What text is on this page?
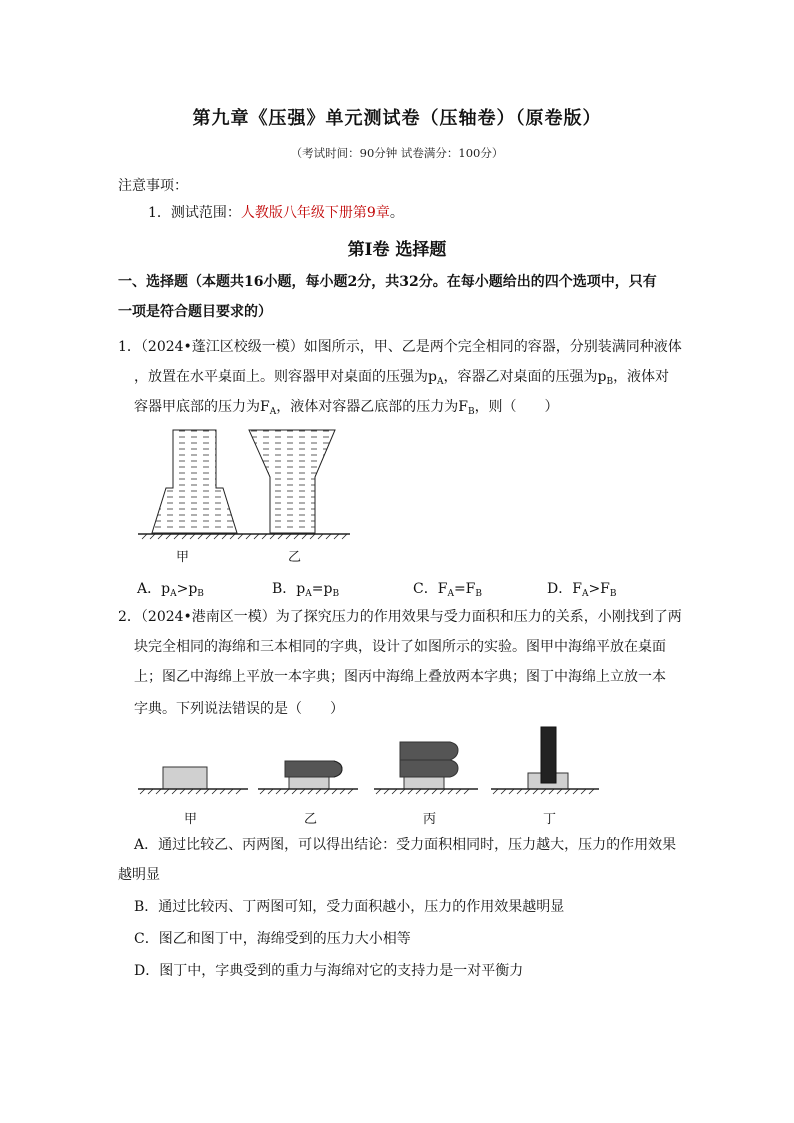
第九章《压强》单元测试卷（压轴卷）（原卷版）
（考试时间：90分钟 试卷满分：100分）
注意事项：
1．测试范围：人教版八年级下册第9章。
第Ⅰ卷 选择题
一、选择题（本题共16小题，每小题2分，共32分。在每小题给出的四个选项中，只有
一项是符合题目要求的）
1．（2024•蓬江区校级一模）如图所示，甲、乙是两个完全相同的容器，分别装满同种液体
，放置在水平桌面上。则容器甲对桌面的压强为$p_A$，容器乙对桌面的压强为$p_B$，液体对
容器甲底部的压力为$F_A$，液体对容器乙底部的压力为$F_B$，则（　　）
甲	乙
A．$p_A>p_B$	B．$p_A=p_B$	C．$F_A=F_B$	D．$F_A>F_B$
2．（2024•港南区一模）为了探究压力的作用效果与受力面积和压力的关系，小刚找到了两
块完全相同的海绵和三本相同的字典，设计了如图所示的实验。图甲中海绵平放在桌面
上；图乙中海绵上平放一本字典；图丙中海绵上叠放两本字典；图丁中海绵上立放一本
字典。下列说法错误的是（　　）
甲	乙	丙	丁
A．通过比较乙、丙两图，可以得出结论：受力面积相同时，压力越大，压力的作用效果
越明显
B．通过比较丙、丁两图可知，受力面积越小，压力的作用效果越明显
C．图乙和图丁中，海绵受到的压力大小相等
D．图丁中，字典受到的重力与海绵对它的支持力是一对平衡力
